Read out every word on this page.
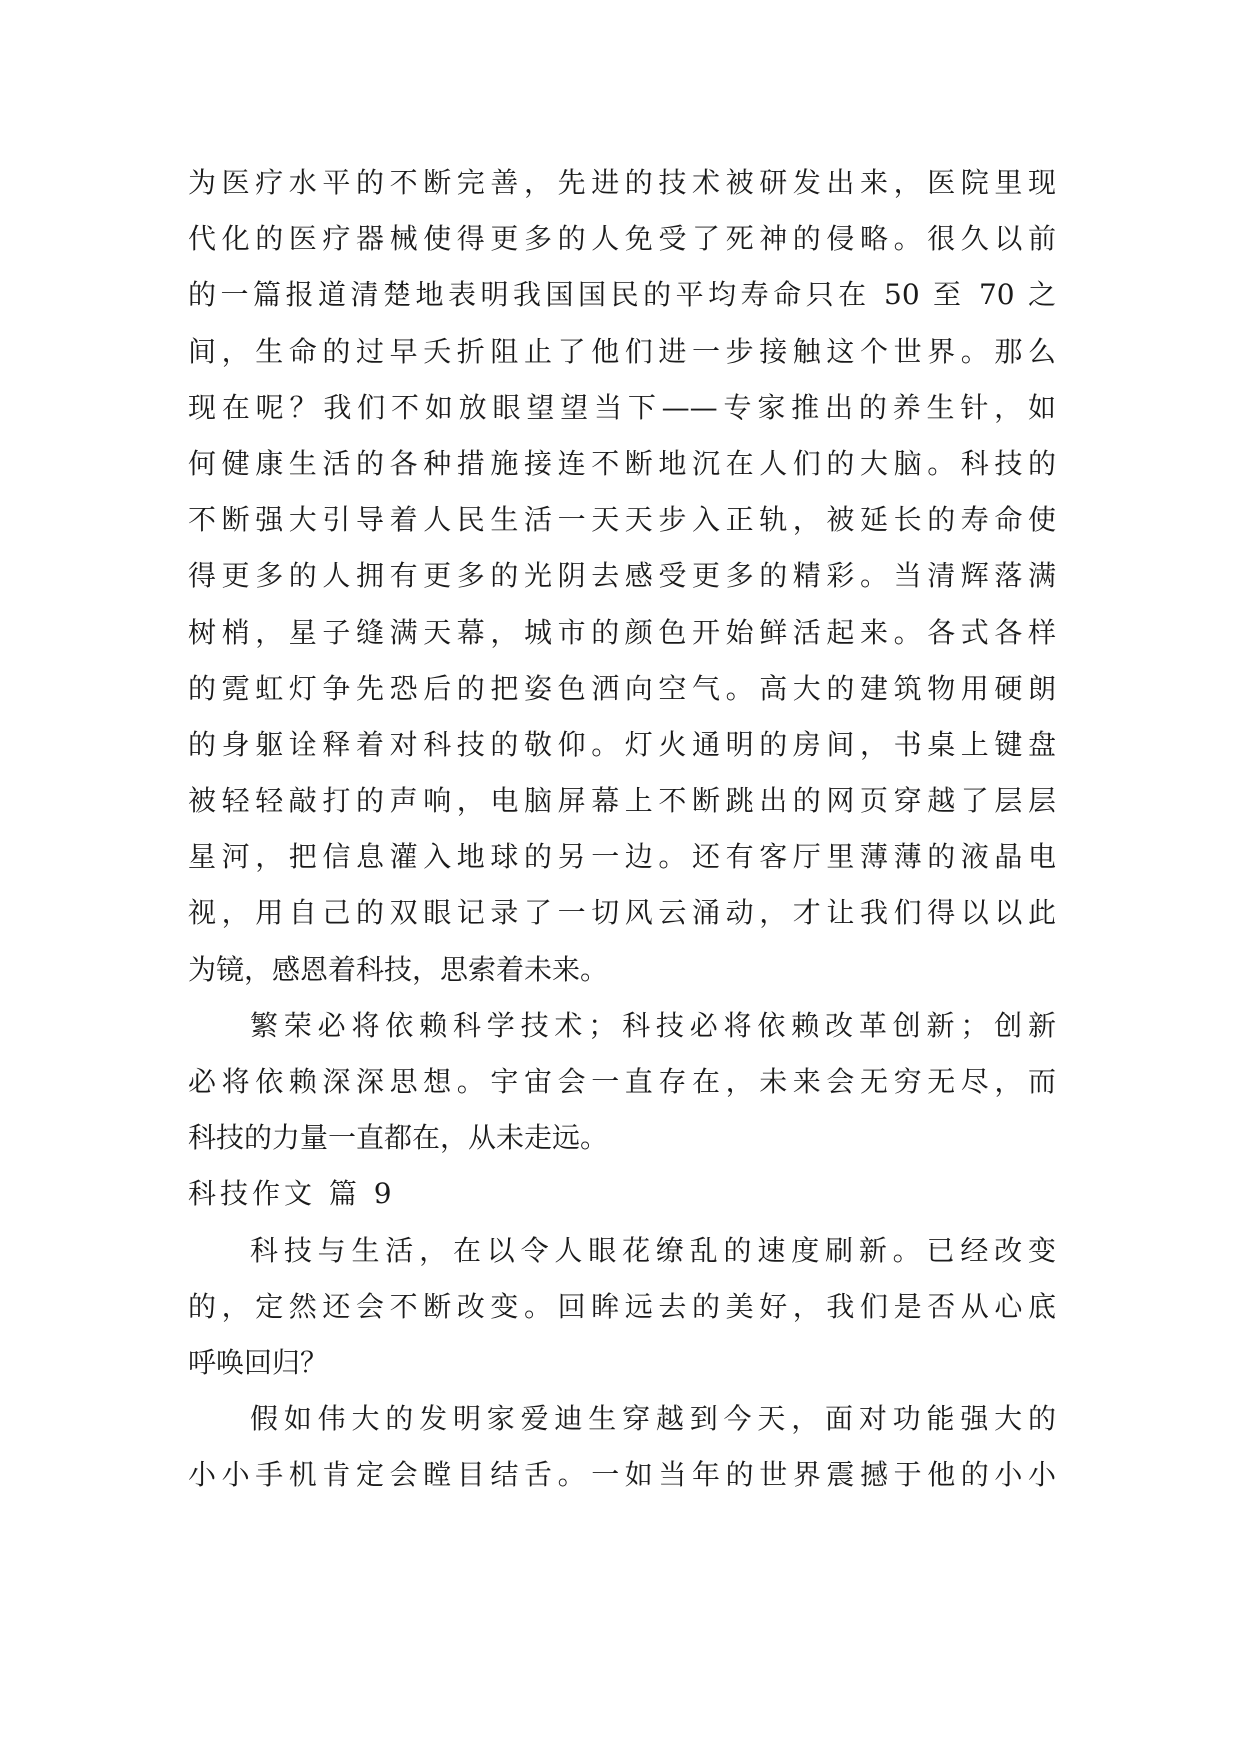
为医疗水平的不断完善，先进的技术被研发出来，医院里现
代化的医疗器械使得更多的人免受了死神的侵略。很久以前
的一篇报道清楚地表明我国国民的平均寿命只在 50 至 70 之
间，生命的过早夭折阻止了他们进一步接触这个世界。那么
现在呢？我们不如放眼望望当下——专家推出的养生针，如
何健康生活的各种措施接连不断地沉在人们的大脑。科技的
不断强大引导着人民生活一天天步入正轨，被延长的寿命使
得更多的人拥有更多的光阴去感受更多的精彩。当清辉落满
树梢，星子缝满天幕，城市的颜色开始鲜活起来。各式各样
的霓虹灯争先恐后的把姿色洒向空气。高大的建筑物用硬朗
的身躯诠释着对科技的敬仰。灯火通明的房间，书桌上键盘
被轻轻敲打的声响，电脑屏幕上不断跳出的网页穿越了层层
星河，把信息灌入地球的另一边。还有客厅里薄薄的液晶电
视，用自己的双眼记录了一切风云涌动，才让我们得以以此
为镜，感恩着科技，思索着未来。
繁荣必将依赖科学技术；科技必将依赖改革创新；创新
必将依赖深深思想。宇宙会一直存在，未来会无穷无尽，而
科技的力量一直都在，从未走远。
科技作文 篇 9
科技与生活，在以令人眼花缭乱的速度刷新。已经改变
的，定然还会不断改变。回眸远去的美好，我们是否从心底
呼唤回归？
假如伟大的发明家爱迪生穿越到今天，面对功能强大的
小小手机肯定会瞠目结舌。一如当年的世界震撼于他的小小
